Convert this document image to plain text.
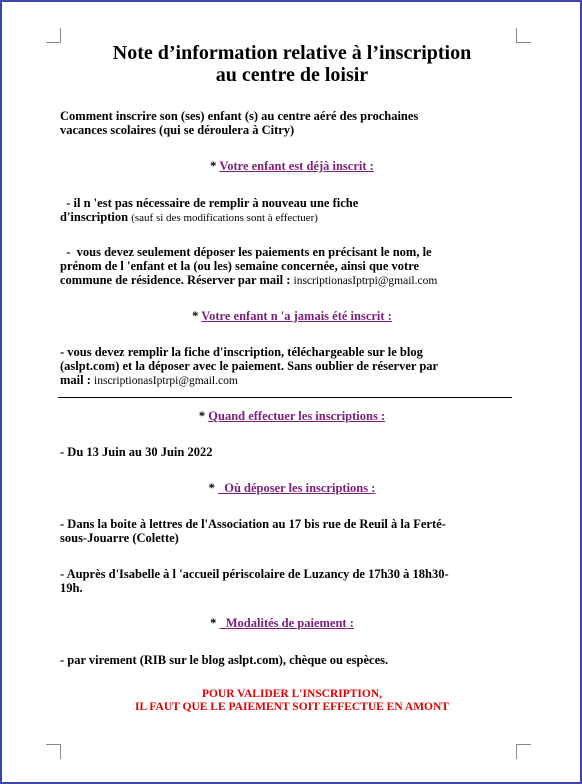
Note d’information relative à l’inscription
au centre de loisir
Comment inscrire son (ses) enfant (s) au centre aéré des prochaines
vacances scolaires (qui se déroulera à Citry)
* Votre enfant est déjà inscrit :
- il n 'est pas nécessaire de remplir à nouveau une fiche
d'inscription (sauf si des modifications sont à effectuer)
-  vous devez seulement déposer les paiements en précisant le nom, le
prénom de l 'enfant et la (ou les) semaine concernée, ainsi que votre
commune de résidence. Réserver par mail : inscriptionasIptrpi@gmail.com
* Votre enfant n 'a jamais été inscrit :
- vous devez remplir la fiche d'inscription, téléchargeable sur le blog
(aslpt.com) et la déposer avec le paiement. Sans oublier de réserver par
mail : inscriptionasIptrpi@gmail.com
* Quand effectuer les inscriptions :
- Du 13 Juin au 30 Juin 2022
*   Où déposer les inscriptions :
- Dans la boite à lettres de l'Association au 17 bis rue de Reuil à la Ferté-
sous-Jouarre (Colette)
- Auprès d'Isabelle à l 'accueil périscolaire de Luzancy de 17h30 à 18h30-
19h.
*   Modalités de paiement :
- par virement (RIB sur le blog aslpt.com), chèque ou espèces.
POUR VALIDER L'INSCRIPTION,
IL FAUT QUE LE PAIEMENT SOIT EFFECTUE EN AMONT
